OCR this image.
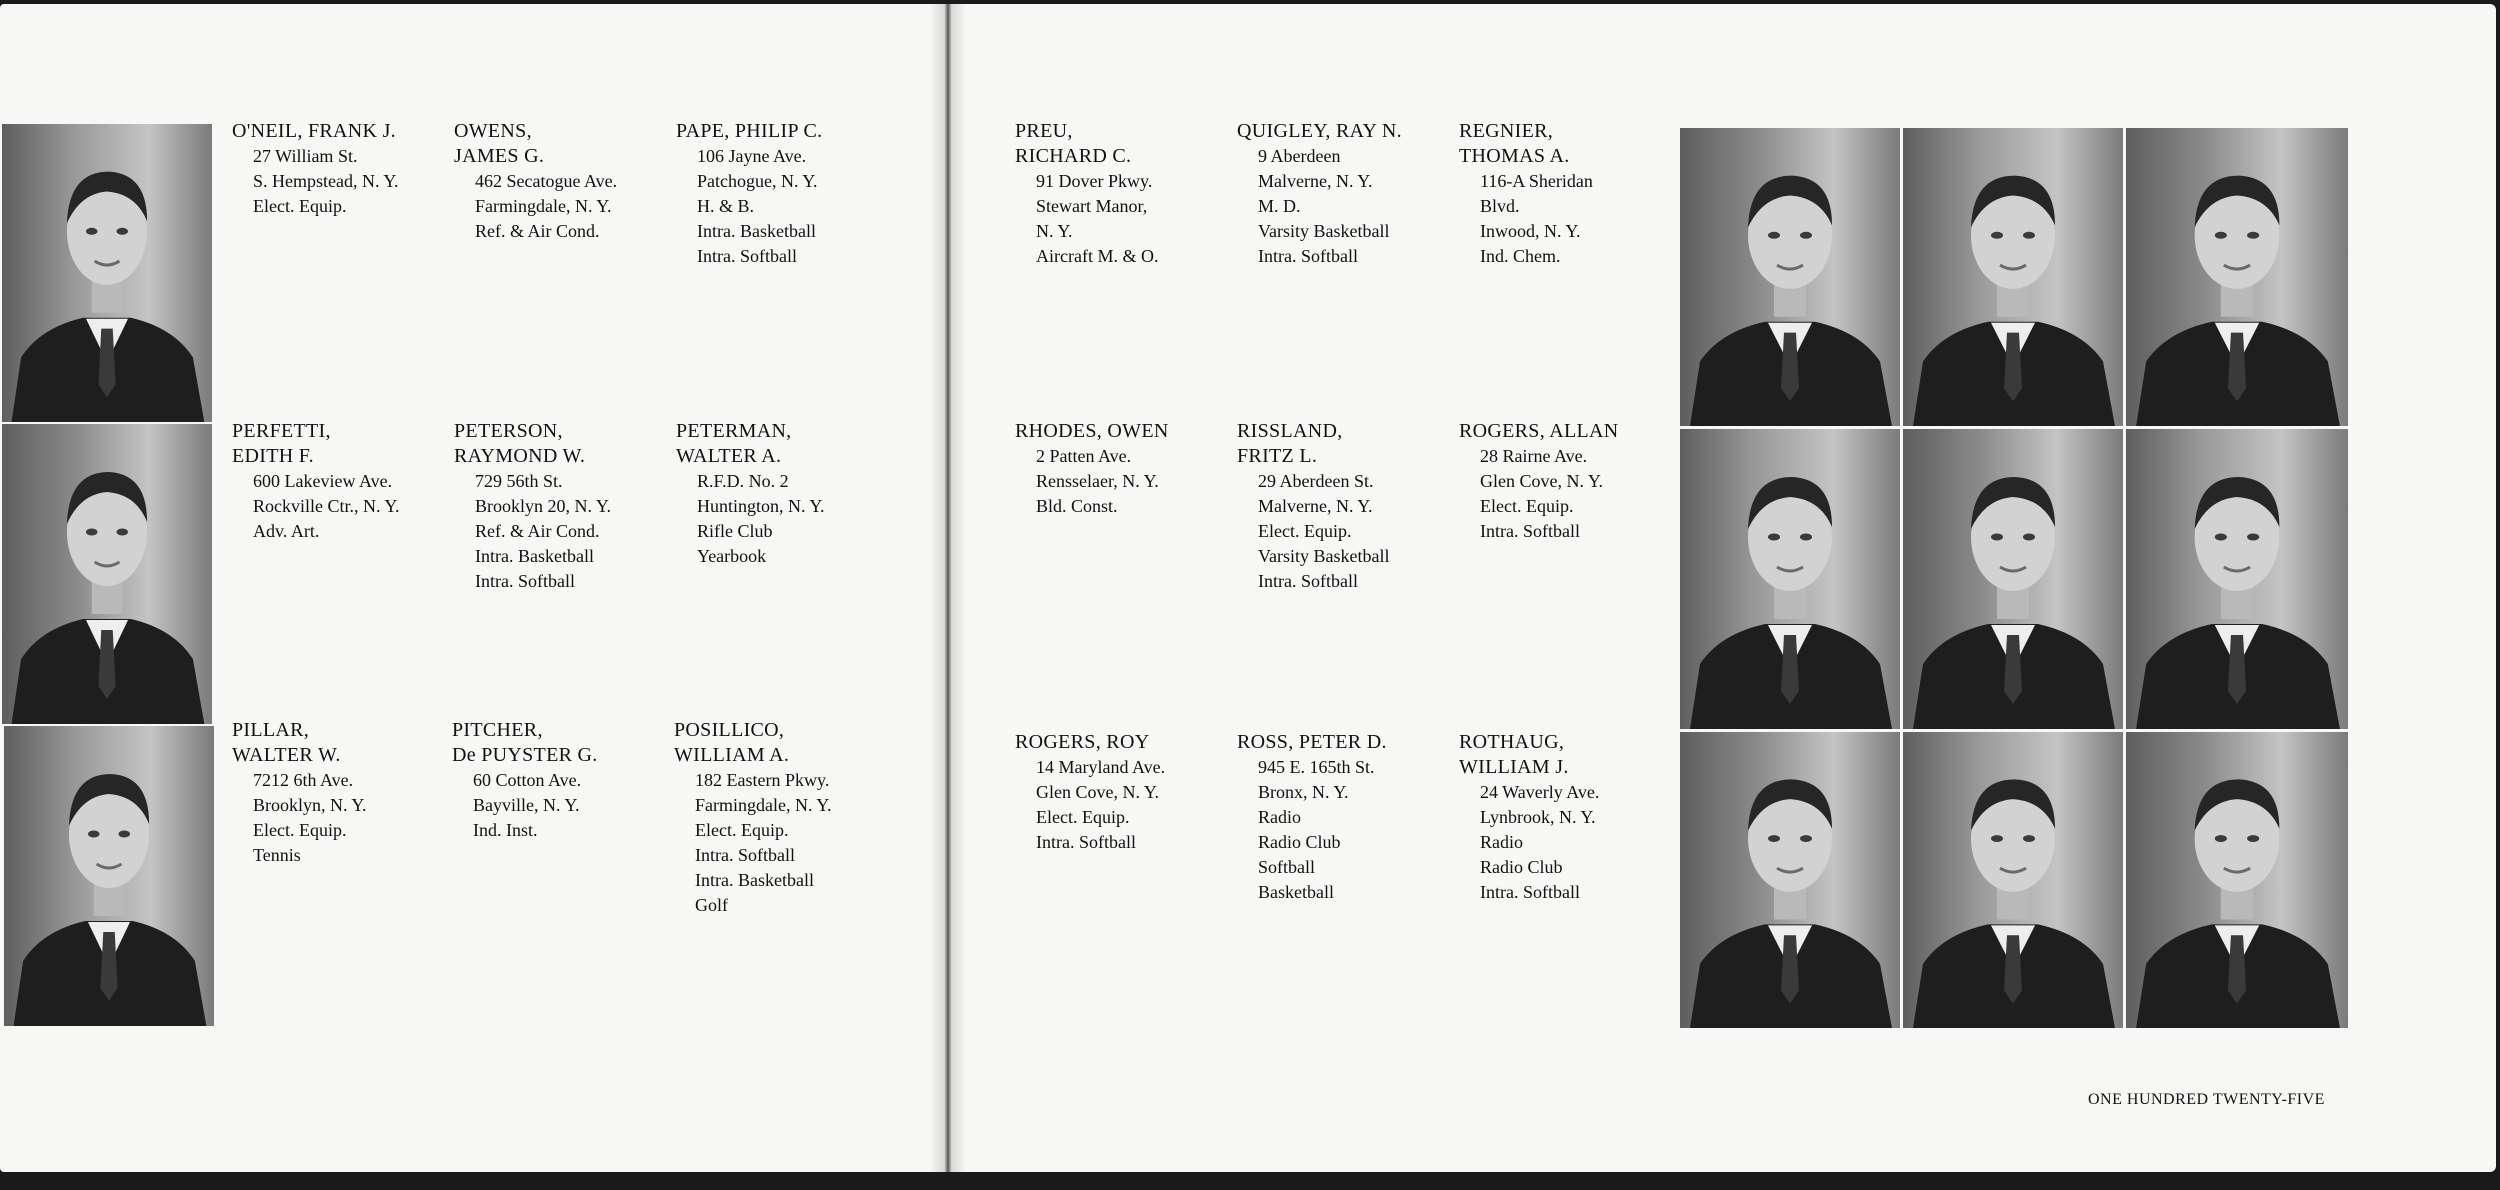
O'NEIL, FRANK J.
27 William St.
S. Hempstead, N. Y.
Elect. Equip.
OWENS,
JAMES G.
462 Secatogue Ave.
Farmingdale, N. Y.
Ref. & Air Cond.
PAPE, PHILIP C.
106 Jayne Ave.
Patchogue, N. Y.
H. & B.
Intra. Basketball
Intra. Softball
PERFETTI,
EDITH F.
600 Lakeview Ave.
Rockville Ctr., N. Y.
Adv. Art.
PETERSON,
RAYMOND W.
729 56th St.
Brooklyn 20, N. Y.
Ref. & Air Cond.
Intra. Basketball
Intra. Softball
PETERMAN,
WALTER A.
R.F.D. No. 2
Huntington, N. Y.
Rifle Club
Yearbook
PILLAR,
WALTER W.
7212 6th Ave.
Brooklyn, N. Y.
Elect. Equip.
Tennis
PITCHER,
De PUYSTER G.
60 Cotton Ave.
Bayville, N. Y.
Ind. Inst.
POSILLICO,
WILLIAM A.
182 Eastern Pkwy.
Farmingdale, N. Y.
Elect. Equip.
Intra. Softball
Intra. Basketball
Golf
PREU,
RICHARD C.
91 Dover Pkwy.
Stewart Manor,
N. Y.
Aircraft M. & O.
QUIGLEY, RAY N.
9 Aberdeen
Malverne, N. Y.
M. D.
Varsity Basketball
Intra. Softball
REGNIER,
THOMAS A.
116-A Sheridan
Blvd.
Inwood, N. Y.
Ind. Chem.
RHODES, OWEN
2 Patten Ave.
Rensselaer, N. Y.
Bld. Const.
RISSLAND,
FRITZ L.
29 Aberdeen St.
Malverne, N. Y.
Elect. Equip.
Varsity Basketball
Intra. Softball
ROGERS, ALLAN
28 Rairne Ave.
Glen Cove, N. Y.
Elect. Equip.
Intra. Softball
ROGERS, ROY
14 Maryland Ave.
Glen Cove, N. Y.
Elect. Equip.
Intra. Softball
ROSS, PETER D.
945 E. 165th St.
Bronx, N. Y.
Radio
Radio Club
Softball
Basketball
ROTHAUG,
WILLIAM J.
24 Waverly Ave.
Lynbrook, N. Y.
Radio
Radio Club
Intra. Softball
ONE HUNDRED TWENTY-FIVE
